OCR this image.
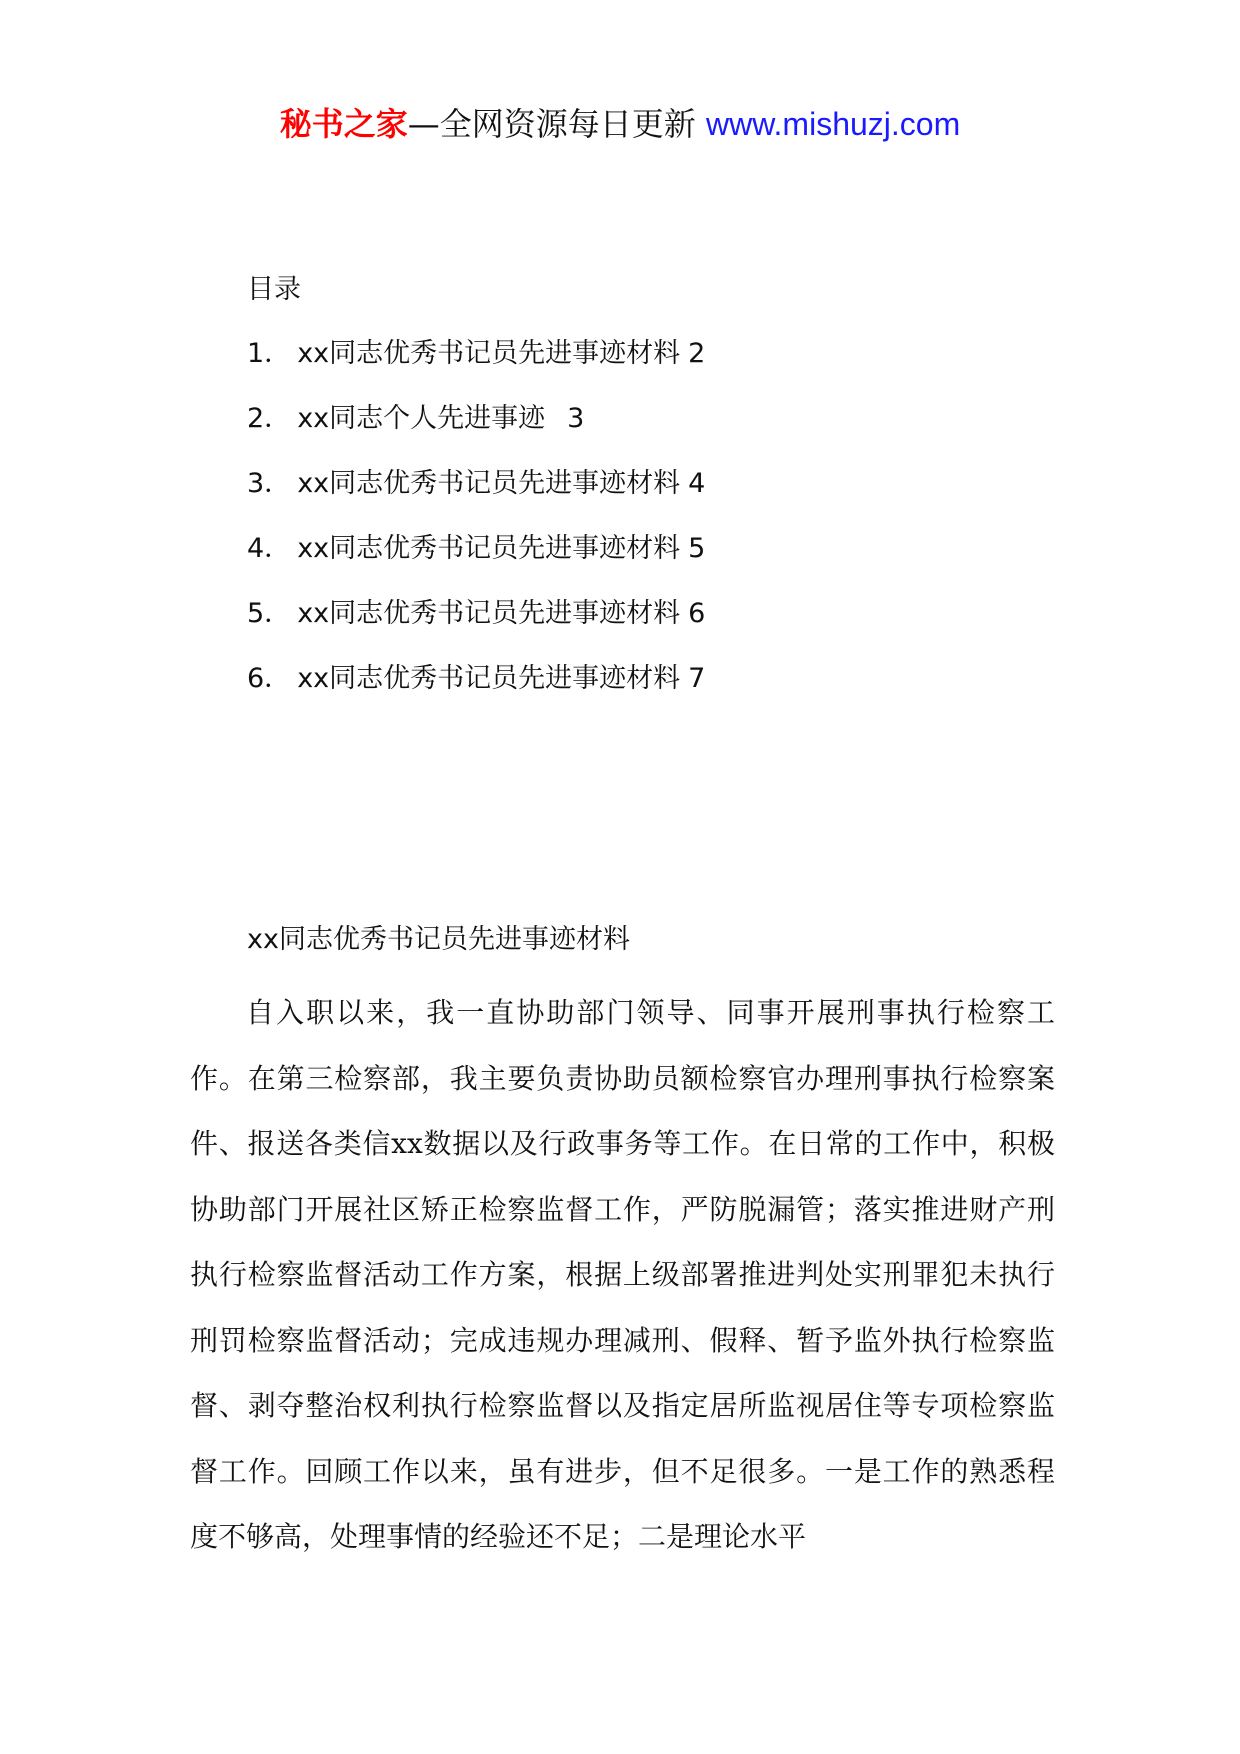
秘书之家—全网资源每日更新 www.mishuzj.com
目录
1． xx同志优秀书记员先进事迹材料 2
2． xx同志个人先进事迹 3
3． xx同志优秀书记员先进事迹材料 4
4． xx同志优秀书记员先进事迹材料 5
5． xx同志优秀书记员先进事迹材料 6
6． xx同志优秀书记员先进事迹材料 7
xx同志优秀书记员先进事迹材料

自入职以来，我一直协助部门领导、同事开展刑事执行检察工作。在第三检察部，我主要负责协助员额检察官办理刑事执行检察案件、报送各类信xx数据以及行政事务等工作。在日常的工作中，积极协助部门开展社区矫正检察监督工作，严防脱漏管；落实推进财产刑执行检察监督活动工作方案，根据上级部署推进判处实刑罪犯未执行刑罚检察监督活动；完成违规办理减刑、假释、暂予监外执行检察监督、剥夺整治权利执行检察监督以及指定居所监视居住等专项检察监督工作。回顾工作以来，虽有进步，但不足很多。一是工作的熟悉程度不够高，处理事情的经验还不足；二是理论水平
